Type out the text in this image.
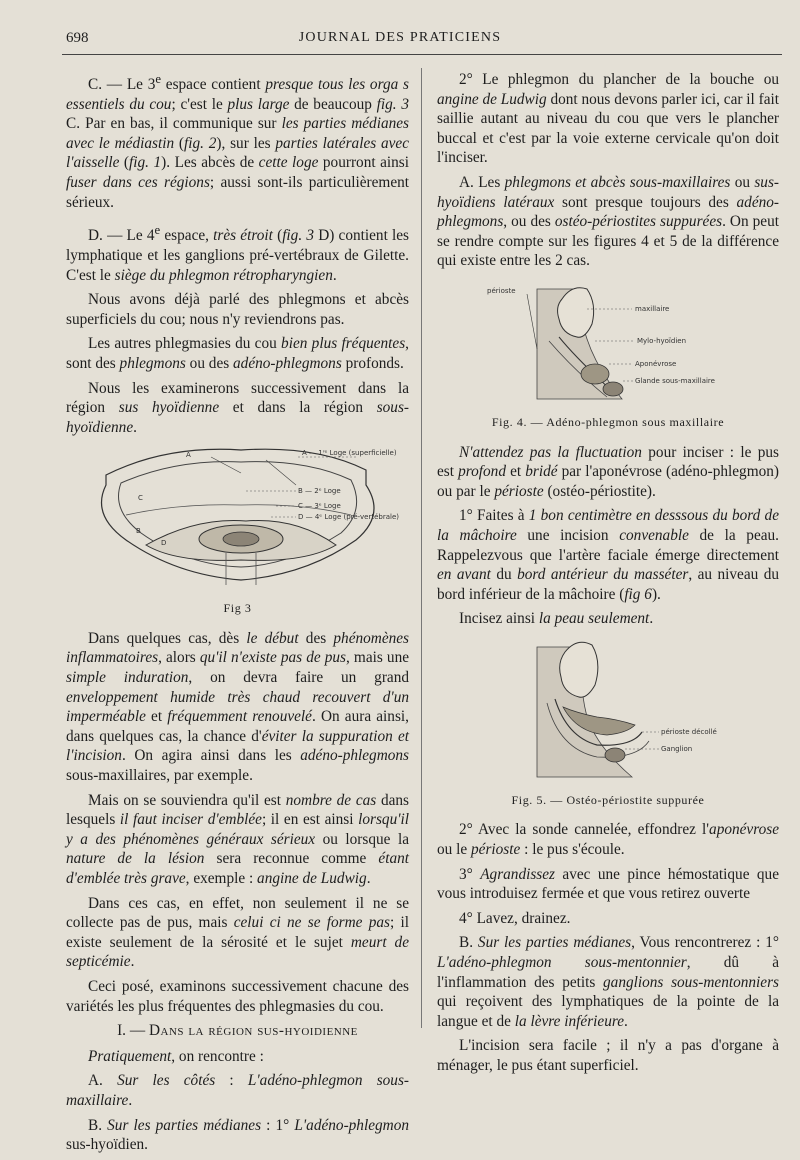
698	JOURNAL DES PRATICIENS

C. — Le 3e espace contient presque tous les orga s essentiels du cou; c'est le plus large de beaucoup fig. 3 C. Par en bas, il communique sur les parties médianes avec le médiastin (fig. 2), sur les parties latérales avec l'aisselle (fig. 1). Les abcès de cette loge pourront ainsi fuser dans ces régions; aussi sont-ils particulièrement sérieux.

D. — Le 4e espace, très étroit (fig. 3 D) contient les lymphatique et les ganglions pré-vertébraux de Gilette. C'est le siège du phlegmon rétropharyngien.

Nous avons déjà parlé des phlegmons et abcès superficiels du cou; nous n'y reviendrons pas.

Les autres phlegmasies du cou bien plus fréquentes, sont des phlegmons ou des adéno-phlegmons profonds.

Nous les examinerons successivement dans la région sus hyoïdienne et dans la région sous-hyoïdienne.

A
C
B
D
A — 1ʳᵉ Loge (superficielle)
B — 2ᵉ Loge
C — 3ᵉ Loge
D — 4ᵉ Loge (pré-vertébrale)
Fig 3

Dans quelques cas, dès le début des phénomènes inflammatoires, alors qu'il n'existe pas de pus, mais une simple induration, on devra faire un grand enveloppement humide très chaud recouvert d'un imperméable et fréquemment renouvelé. On aura ainsi, dans quelques cas, la chance d'éviter la suppuration et l'incision. On agira ainsi dans les adéno-phlegmons sous-maxillaires, par exemple.

Mais on se souviendra qu'il est nombre de cas dans lesquels il faut inciser d'emblée; il en est ainsi lorsqu'il y a des phénomènes généraux sérieux ou lorsque la nature de la lésion sera reconnue comme étant d'emblée très grave, exemple : angine de Ludwig.

Dans ces cas, en effet, non seulement il ne se collecte pas de pus, mais celui ci ne se forme pas; il existe seulement de la sérosité et le sujet meurt de septicémie.

Ceci posé, examinons successivement chacune des variétés les plus fréquentes des phlegmasies du cou.

I. — Dans la région sus-hyoidienne

Pratiquement, on rencontre :

A. Sur les côtés : L'adéno-phlegmon sous-maxillaire.

B. Sur les parties médianes : 1° L'adéno-phlegmon sus-hyoïdien.

2° Le phlegmon du plancher de la bouche ou angine de Ludwig dont nous devons parler ici, car il fait saillie autant au niveau du cou que vers le plancher buccal et c'est par la voie externe cervicale qu'on doit l'inciser.

A. Les phlegmons et abcès sous-maxillaires ou sus-hyoïdiens latéraux sont presque toujours des adéno-phlegmons, ou des ostéo-périostites suppurées. On peut se rendre compte sur les figures 4 et 5 de la différence qui existe entre les 2 cas.

périoste
maxillaire
Mylo-hyoïdien
Aponévrose
Glande sous-maxillaire
Fig. 4. — Adéno-phlegmon sous maxillaire

N'attendez pas la fluctuation pour inciser : le pus est profond et bridé par l'aponévrose (adéno-phlegmon) ou par le périoste (ostéo-périostite).

1° Faites à 1 bon centimètre en desssous du bord de la mâchoire une incision convenable de la peau. Rappelezvous que l'artère faciale émerge directement en avant du bord antérieur du masséter, au niveau du bord inférieur de la mâchoire (fig 6).

Incisez ainsi la peau seulement.

périoste décollé
Ganglion
Fig. 5. — Ostéo-périostite suppurée

2° Avec la sonde cannelée, effondrez l'aponévrose ou le périoste : le pus s'écoule.

3° Agrandissez avec une pince hémostatique que vous introduisez fermée et que vous retirez ouverte

4° Lavez, drainez.

B. Sur les parties médianes, Vous rencontrerez : 1° L'adéno-phlegmon sous-mentonnier, dû à l'inflammation des petits ganglions sous-mentonniers qui reçoivent des lymphatiques de la pointe de la langue et de la lèvre inférieure.

L'incision sera facile ; il n'y a pas d'organe à ménager, le pus étant superficiel.
